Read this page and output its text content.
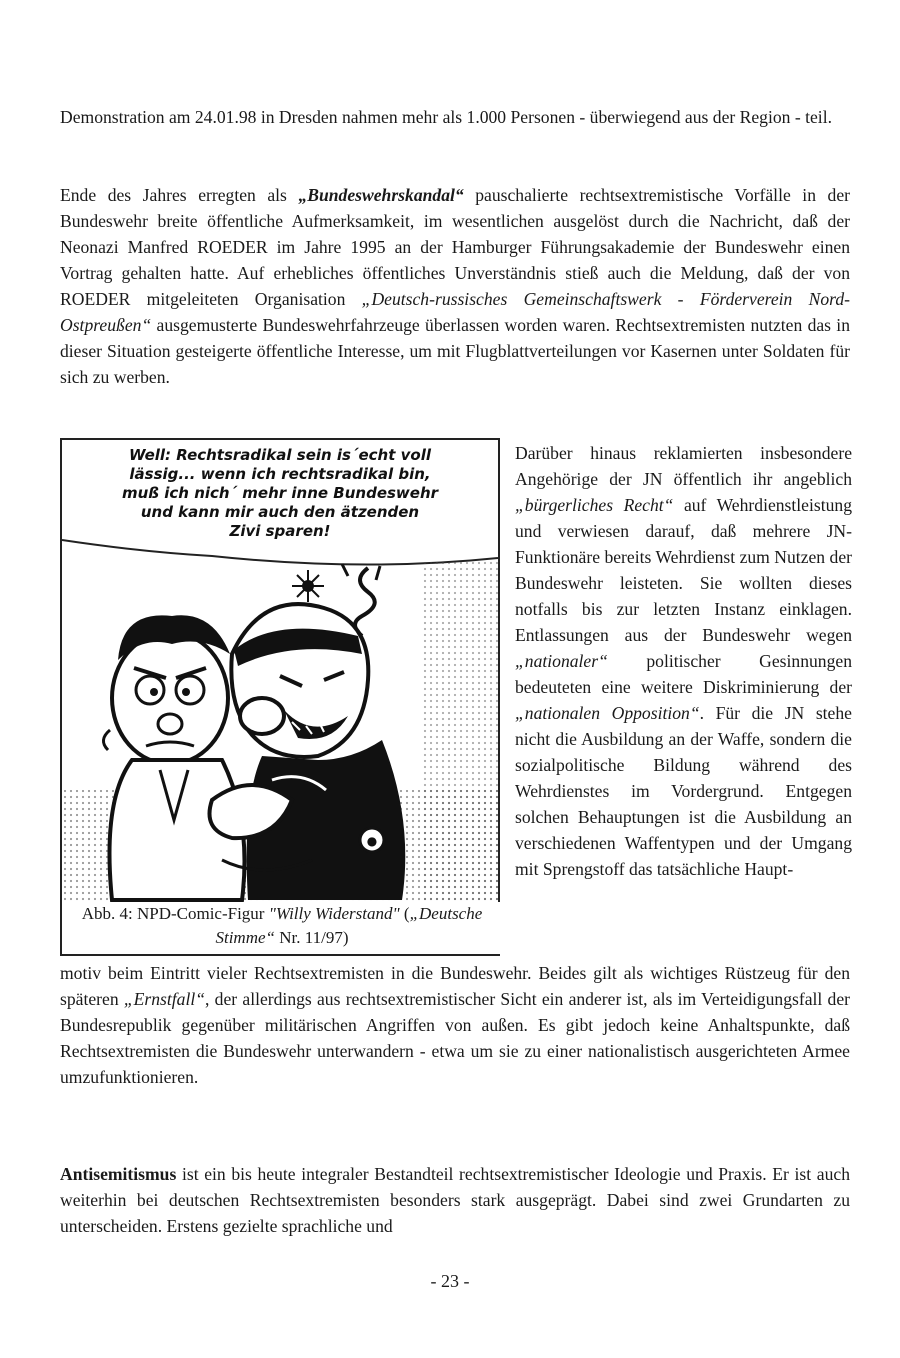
Demonstration am 24.01.98 in Dresden nahmen mehr als 1.000 Personen - überwiegend aus der Region - teil.

Ende des Jahres erregten als „Bundeswehrskandal“ pauschalierte rechtsextremistische Vorfälle in der Bundeswehr breite öffentliche Aufmerksamkeit, im wesentlichen ausgelöst durch die Nachricht, daß der Neonazi Manfred ROEDER im Jahre 1995 an der Hamburger Führungsakademie der Bundeswehr einen Vortrag gehalten hatte. Auf erhebliches öffentliches Unverständnis stieß auch die Meldung, daß der von ROEDER mitgeleiteten Organisation „Deutsch-russisches Gemeinschaftswerk - Förderverein Nord-Ostpreußen“ ausgemusterte Bundeswehrfahrzeuge überlassen worden waren. Rechtsextremisten nutzten das in dieser Situation gesteigerte öffentliche Interesse, um mit Flugblattverteilungen vor Kasernen unter Soldaten für sich zu werben.

●
Well: Rechtsradikal sein is´echt voll
lässig... wenn ich rechtsradikal bin,
muß ich nich´ mehr inne Bundeswehr
und kann mir auch den ätzenden
Zivi sparen!
Abb. 4: NPD-Comic-Figur "Willy Widerstand" („Deutsche Stimme“ Nr. 11/97)

Darüber hinaus reklamierten insbesondere Angehörige der JN öffentlich ihr angeblich „bürgerliches Recht“ auf Wehrdienstleistung und verwiesen darauf, daß mehrere JN-Funktionäre bereits Wehrdienst zum Nutzen der Bundeswehr leisteten. Sie wollten dieses notfalls bis zur letzten Instanz einklagen. Entlassungen aus der Bundeswehr wegen „nationaler“ politischer Gesinnungen bedeuteten eine weitere Diskriminierung der „nationalen Opposition“. Für die JN stehe nicht die Ausbildung an der Waffe, sondern die sozialpolitische Bildung während des Wehrdienstes im Vordergrund. Entgegen solchen Behauptungen ist die Ausbildung an verschiedenen Waffentypen und der Umgang mit Sprengstoff das tatsächliche Haupt-

motiv beim Eintritt vieler Rechtsextremisten in die Bundeswehr. Beides gilt als wichtiges Rüstzeug für den späteren „Ernstfall“, der allerdings aus rechtsextremistischer Sicht ein anderer ist, als im Verteidigungsfall der Bundesrepublik gegenüber militärischen Angriffen von außen. Es gibt jedoch keine Anhaltspunkte, daß Rechtsextremisten die Bundeswehr unterwandern - etwa um sie zu einer nationalistisch ausgerichteten Armee umzufunktionieren.

Antisemitismus ist ein bis heute integraler Bestandteil rechtsextremistischer Ideologie und Praxis. Er ist auch weiterhin bei deutschen Rechtsextremisten besonders stark ausgeprägt. Dabei sind zwei Grundarten zu unterscheiden. Erstens gezielte sprachliche und

- 23 -
